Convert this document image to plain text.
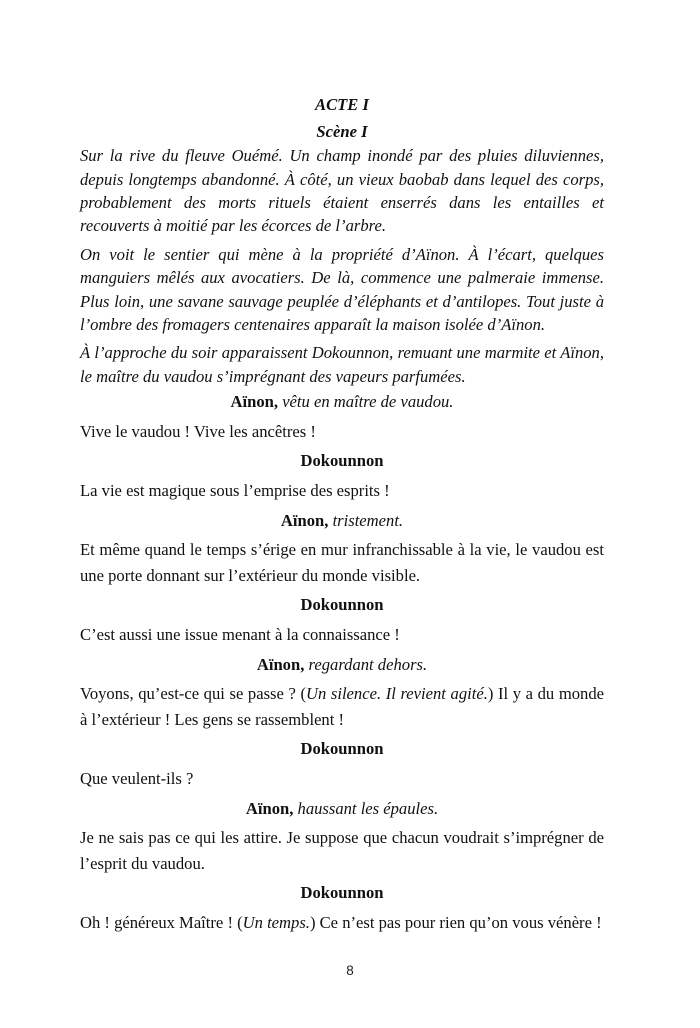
ACTE I
Scène I

Sur la rive du fleuve Ouémé. Un champ inondé par des pluies diluviennes, depuis longtemps abandonné. À côté, un vieux baobab dans lequel des corps, probablement des morts rituels étaient enserrés dans les entailles et recouverts à moitié par les écorces de l’arbre.

On voit le sentier qui mène à la propriété d’Aïnon. À l’écart, quelques manguiers mêlés aux avocatiers. De là, commence une palmeraie immense. Plus loin, une savane sauvage peuplée d’éléphants et d’antilopes. Tout juste à l’ombre des fromagers centenaires apparaît la maison isolée d’Aïnon.

À l’approche du soir apparaissent Dokounnon, remuant une marmite et Aïnon, le maître du vaudou s’imprégnant des vapeurs parfumées.

Aïnon, vêtu en maître de vaudou.

Vive le vaudou ! Vive les ancêtres !

Dokounnon

La vie est magique sous l’emprise des esprits !

Aïnon, tristement.

Et même quand le temps s’érige en mur infranchissable à la vie, le vaudou est une porte donnant sur l’extérieur du monde visible.

Dokounnon

C’est aussi une issue menant à la connaissance !

Aïnon, regardant dehors.

Voyons, qu’est-ce qui se passe ? (Un silence. Il revient agité.) Il y a du monde à l’extérieur ! Les gens se rassemblent !

Dokounnon

Que veulent-ils ?

Aïnon, haussant les épaules.

Je ne sais pas ce qui les attire. Je suppose que chacun voudrait s’imprégner de l’esprit du vaudou.

Dokounnon

Oh ! généreux Maître ! (Un temps.) Ce n’est pas pour rien qu’on vous vénère !

8
